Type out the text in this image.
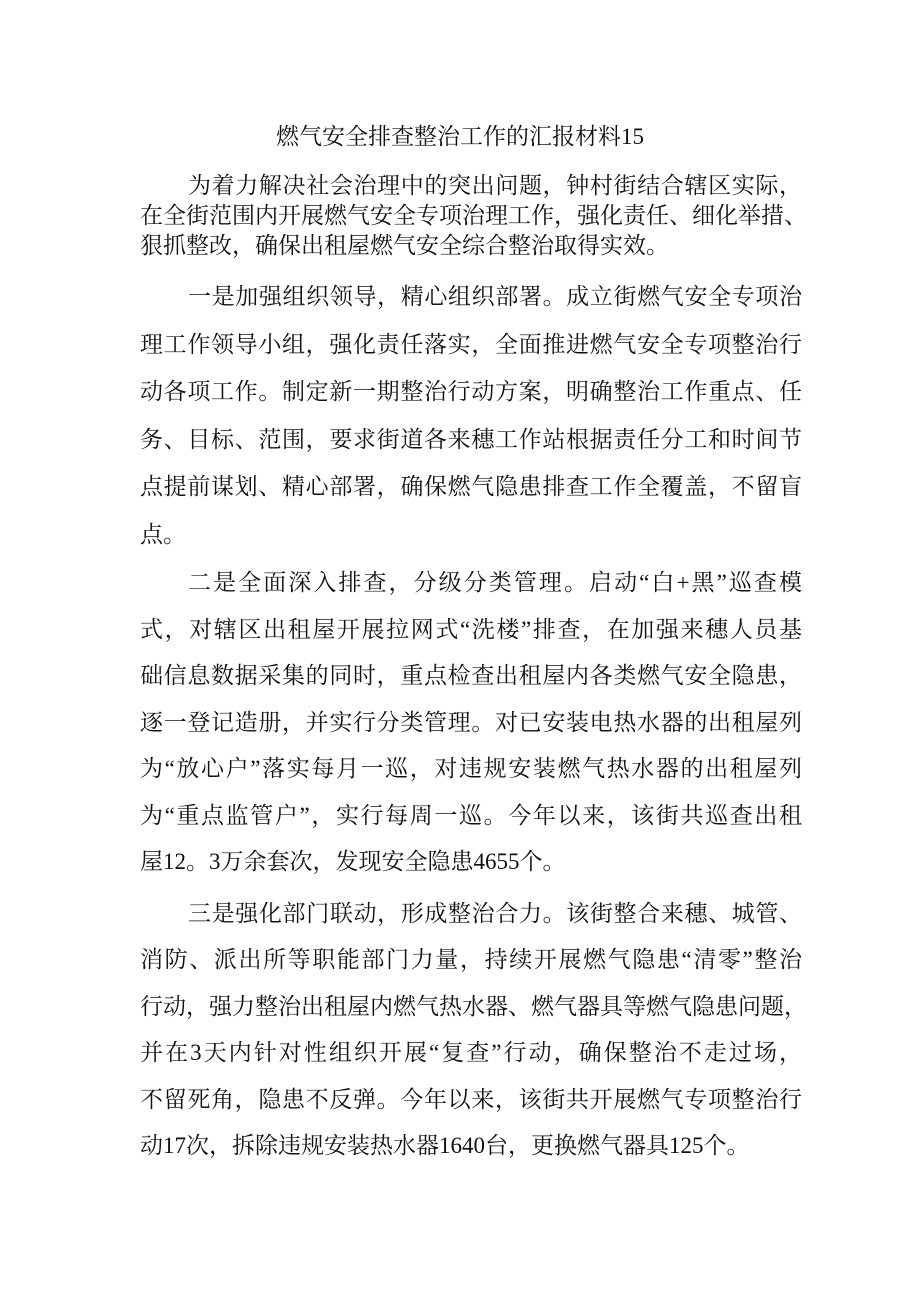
燃气安全排查整治工作的汇报材料15
为着力解决社会治理中的突出问题，钟村街结合辖区实际，
在全街范围内开展燃气安全专项治理工作，强化责任、细化举措、
狠抓整改，确保出租屋燃气安全综合整治取得实效。
一是加强组织领导，精心组织部署。成立街燃气安全专项治
理工作领导小组，强化责任落实，全面推进燃气安全专项整治行
动各项工作。制定新一期整治行动方案，明确整治工作重点、任
务、目标、范围，要求街道各来穗工作站根据责任分工和时间节
点提前谋划、精心部署，确保燃气隐患排查工作全覆盖，不留盲
点。
二是全面深入排查，分级分类管理。启动“白+黑”巡查模
式，对辖区出租屋开展拉网式“洗楼”排查，在加强来穗人员基
础信息数据采集的同时，重点检查出租屋内各类燃气安全隐患，
逐一登记造册，并实行分类管理。对已安装电热水器的出租屋列
为“放心户”落实每月一巡，对违规安装燃气热水器的出租屋列
为“重点监管户”，实行每周一巡。今年以来，该街共巡查出租
屋12。3万余套次，发现安全隐患4655个。
三是强化部门联动，形成整治合力。该街整合来穗、城管、
消防、派出所等职能部门力量，持续开展燃气隐患“清零”整治
行动，强力整治出租屋内燃气热水器、燃气器具等燃气隐患问题，
并在3天内针对性组织开展“复查”行动，确保整治不走过场，
不留死角，隐患不反弹。今年以来，该街共开展燃气专项整治行
动17次，拆除违规安装热水器1640台，更换燃气器具125个。
